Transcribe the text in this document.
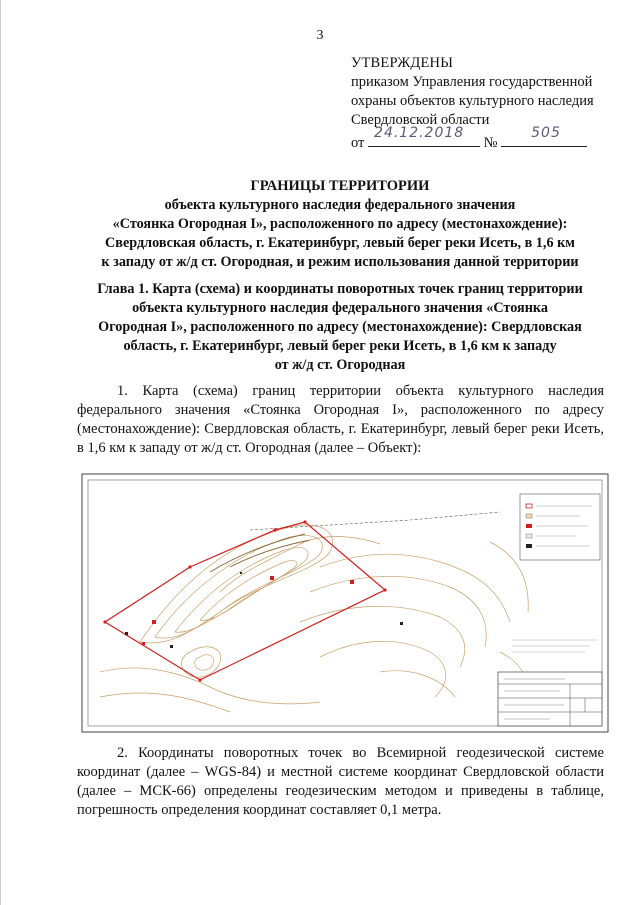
3
УТВЕРЖДЕНЫ
приказом Управления государственной
охраны объектов культурного наследия
Свердловской области
от
24.12.2018
№
505
ГРАНИЦЫ ТЕРРИТОРИИ
объекта культурного наследия федерального значения
«Стоянка Огородная I», расположенного по адресу (местонахождение):
Свердловская область, г. Екатеринбург, левый берег реки Исеть, в 1,6 км
к западу от ж/д ст. Огородная, и режим использования данной территории
Глава 1. Карта (схема) и координаты поворотных точек границ территории
объекта культурного наследия федерального значения «Стоянка
Огородная I», расположенного по адресу (местонахождение): Свердловская
область, г. Екатеринбург, левый берег реки Исеть, в 1,6 км к западу
от ж/д ст. Огородная
1. Карта (схема) границ территории объекта культурного наследия федерального значения «Стоянка Огородная I», расположенного по адресу (местонахождение): Свердловская область, г. Екатеринбург, левый берег реки Исеть, в 1,6 км к западу от ж/д ст. Огородная (далее – Объект):
2. Координаты поворотных точек во Всемирной геодезической системе координат (далее – WGS-84) и местной системе координат Свердловской области (далее – МСК-66) определены геодезическим методом и приведены в таблице, погрешность определения координат составляет 0,1 метра.
